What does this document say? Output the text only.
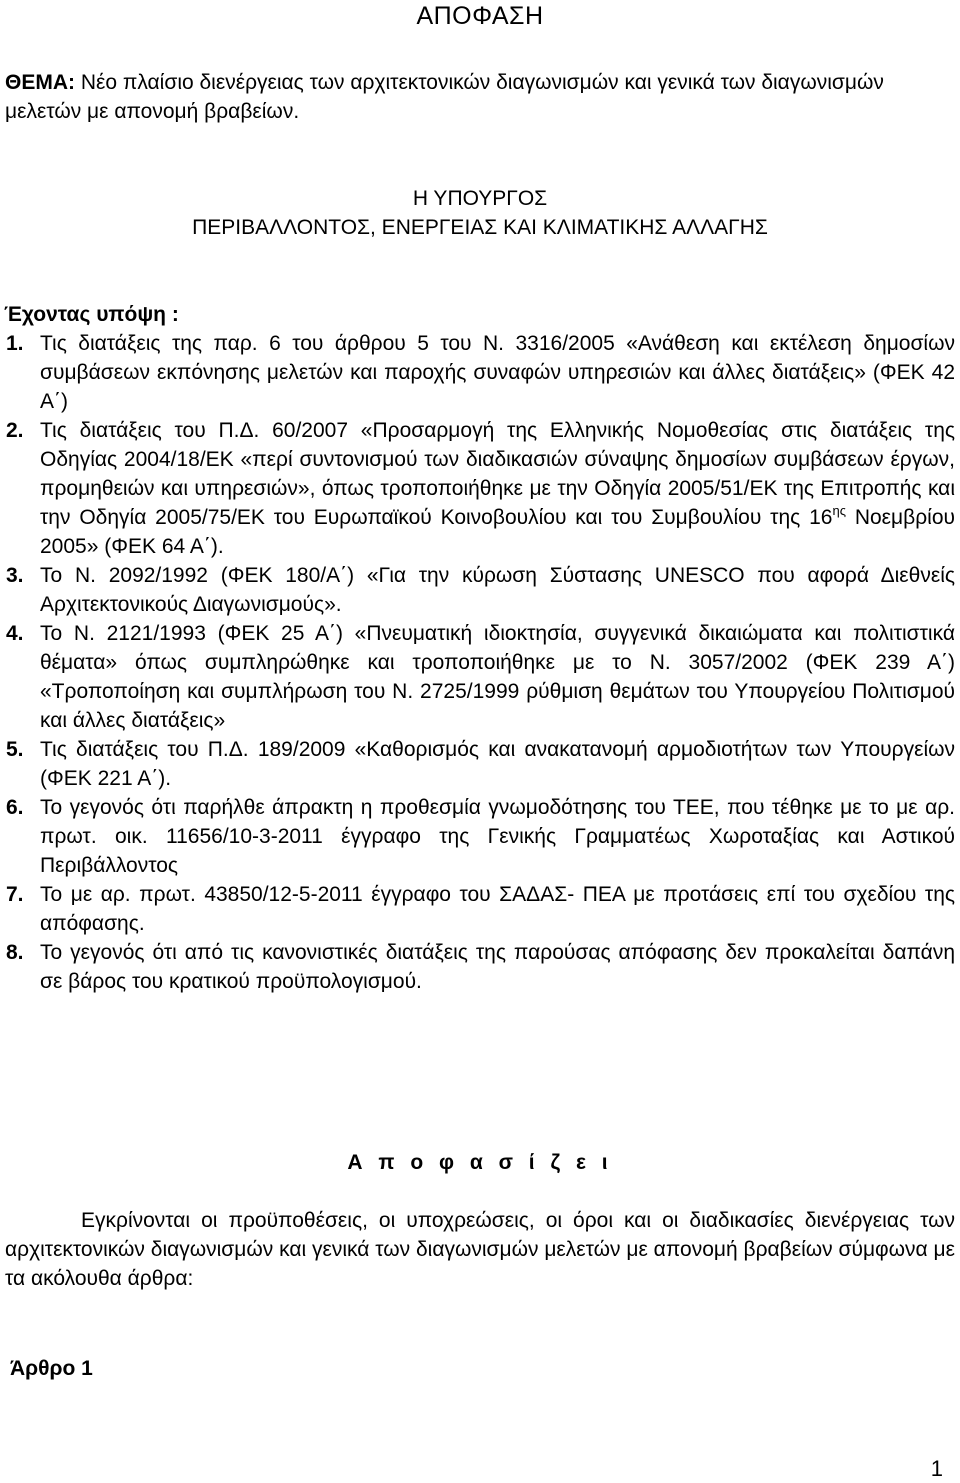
ΑΠΟΦΑΣΗ
ΘΕΜΑ: Νέο πλαίσιο διενέργειας των αρχιτεκτονικών διαγωνισμών και γενικά των διαγωνισμών μελετών με απονομή βραβείων.
Η ΥΠΟΥΡΓΟΣ
ΠΕΡΙΒΑΛΛΟΝΤΟΣ, ΕΝΕΡΓΕΙΑΣ ΚΑΙ ΚΛΙΜΑΤΙΚΗΣ ΑΛΛΑΓΗΣ
Έχοντας υπόψη :
1. Τις διατάξεις της παρ. 6 του άρθρου 5 του Ν. 3316/2005 «Ανάθεση και εκτέλεση δημοσίων συμβάσεων εκπόνησης μελετών και παροχής συναφών υπηρεσιών και άλλες διατάξεις» (ΦΕΚ 42 Α΄)
2. Τις διατάξεις του Π.Δ. 60/2007 «Προσαρμογή της Ελληνικής Νομοθεσίας στις διατάξεις της Οδηγίας 2004/18/ΕΚ «περί συντονισμού των διαδικασιών σύναψης δημοσίων συμβάσεων έργων, προμηθειών και υπηρεσιών», όπως τροποποιήθηκε με την Οδηγία 2005/51/ΕΚ της Επιτροπής και την Οδηγία 2005/75/ΕΚ του Ευρωπαϊκού Κοινοβουλίου και του Συμβουλίου της $16^{\eta\varsigma}$ Νοεμβρίου 2005» (ΦΕΚ 64 Α΄).
3. Το Ν. 2092/1992 (ΦΕΚ 180/Α΄) «Για την κύρωση Σύστασης UNESCO που αφορά Διεθνείς Αρχιτεκτονικούς Διαγωνισμούς».
4. Το Ν. 2121/1993 (ΦΕΚ 25 Α΄) «Πνευματική ιδιοκτησία, συγγενικά δικαιώματα και πολιτιστικά θέματα» όπως συμπληρώθηκε και τροποποιήθηκε με το Ν. 3057/2002 (ΦΕΚ 239 Α΄) «Τροποποίηση και συμπλήρωση του Ν. 2725/1999 ρύθμιση θεμάτων του Υπουργείου Πολιτισμού και άλλες διατάξεις»
5. Τις διατάξεις του Π.Δ. 189/2009 «Καθορισμός και ανακατανομή αρμοδιοτήτων των Υπουργείων (ΦΕΚ 221 Α΄).
6. Το γεγονός ότι παρήλθε άπρακτη η προθεσμία γνωμοδότησης του ΤΕΕ, που τέθηκε με το με αρ. πρωτ. οικ. 11656/10-3-2011 έγγραφο της Γενικής Γραμματέως Χωροταξίας και Αστικού Περιβάλλοντος
7. Το με αρ. πρωτ. 43850/12-5-2011 έγγραφο του ΣΑΔΑΣ- ΠΕΑ με προτάσεις επί του σχεδίου της απόφασης.
8. Το γεγονός ότι από τις κανονιστικές διατάξεις της παρούσας απόφασης δεν προκαλείται δαπάνη σε βάρος του κρατικού προϋπολογισμού.
Α π ο φ α σ ί ζ ε ι
Εγκρίνονται οι προϋποθέσεις, οι υποχρεώσεις, οι όροι και οι διαδικασίες διενέργειας των αρχιτεκτονικών διαγωνισμών και γενικά των διαγωνισμών μελετών με απονομή βραβείων σύμφωνα με τα ακόλουθα άρθρα:
Άρθρο 1
1
